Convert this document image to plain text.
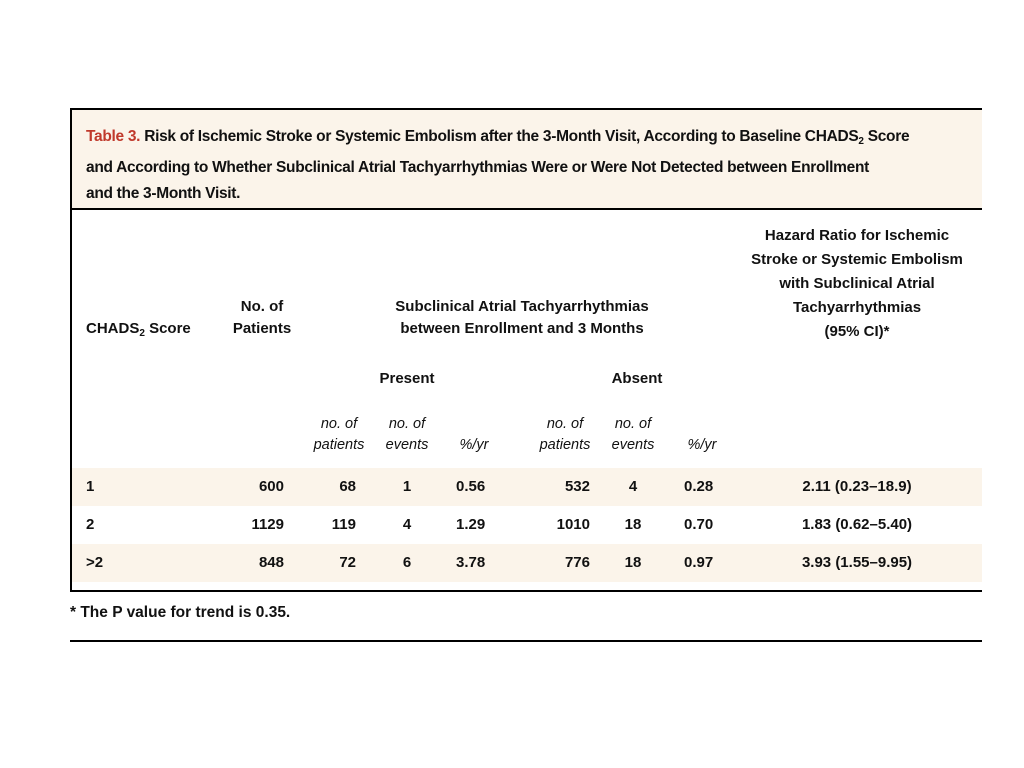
Table 3. Risk of Ischemic Stroke or Systemic Embolism after the 3-Month Visit, According to Baseline $CHADS_2$ Score
and According to Whether Subclinical Atrial Tachyarrhythmias Were or Were Not Detected between Enrollment
and the 3-Month Visit.
$CHADS_2$ Score
No. of
Patients
Subclinical Atrial Tachyarrhythmias
between Enrollment and 3 Months
Hazard Ratio for Ischemic
Stroke or Systemic Embolism
with Subclinical Atrial
Tachyarrhythmias
(95% CI)*
Present	Absent
no. of
patients
no. of
events	%/yr
no. of
patients
no. of
events	%/yr
1	600	68	1	0.56	532	4	0.28	2.11 (0.23–18.9)
2	1129	119	4	1.29	1010	18	0.70	1.83 (0.62–5.40)
>2	848	72	6	3.78	776	18	0.97	3.93 (1.55–9.95)
* The P value for trend is 0.35.
